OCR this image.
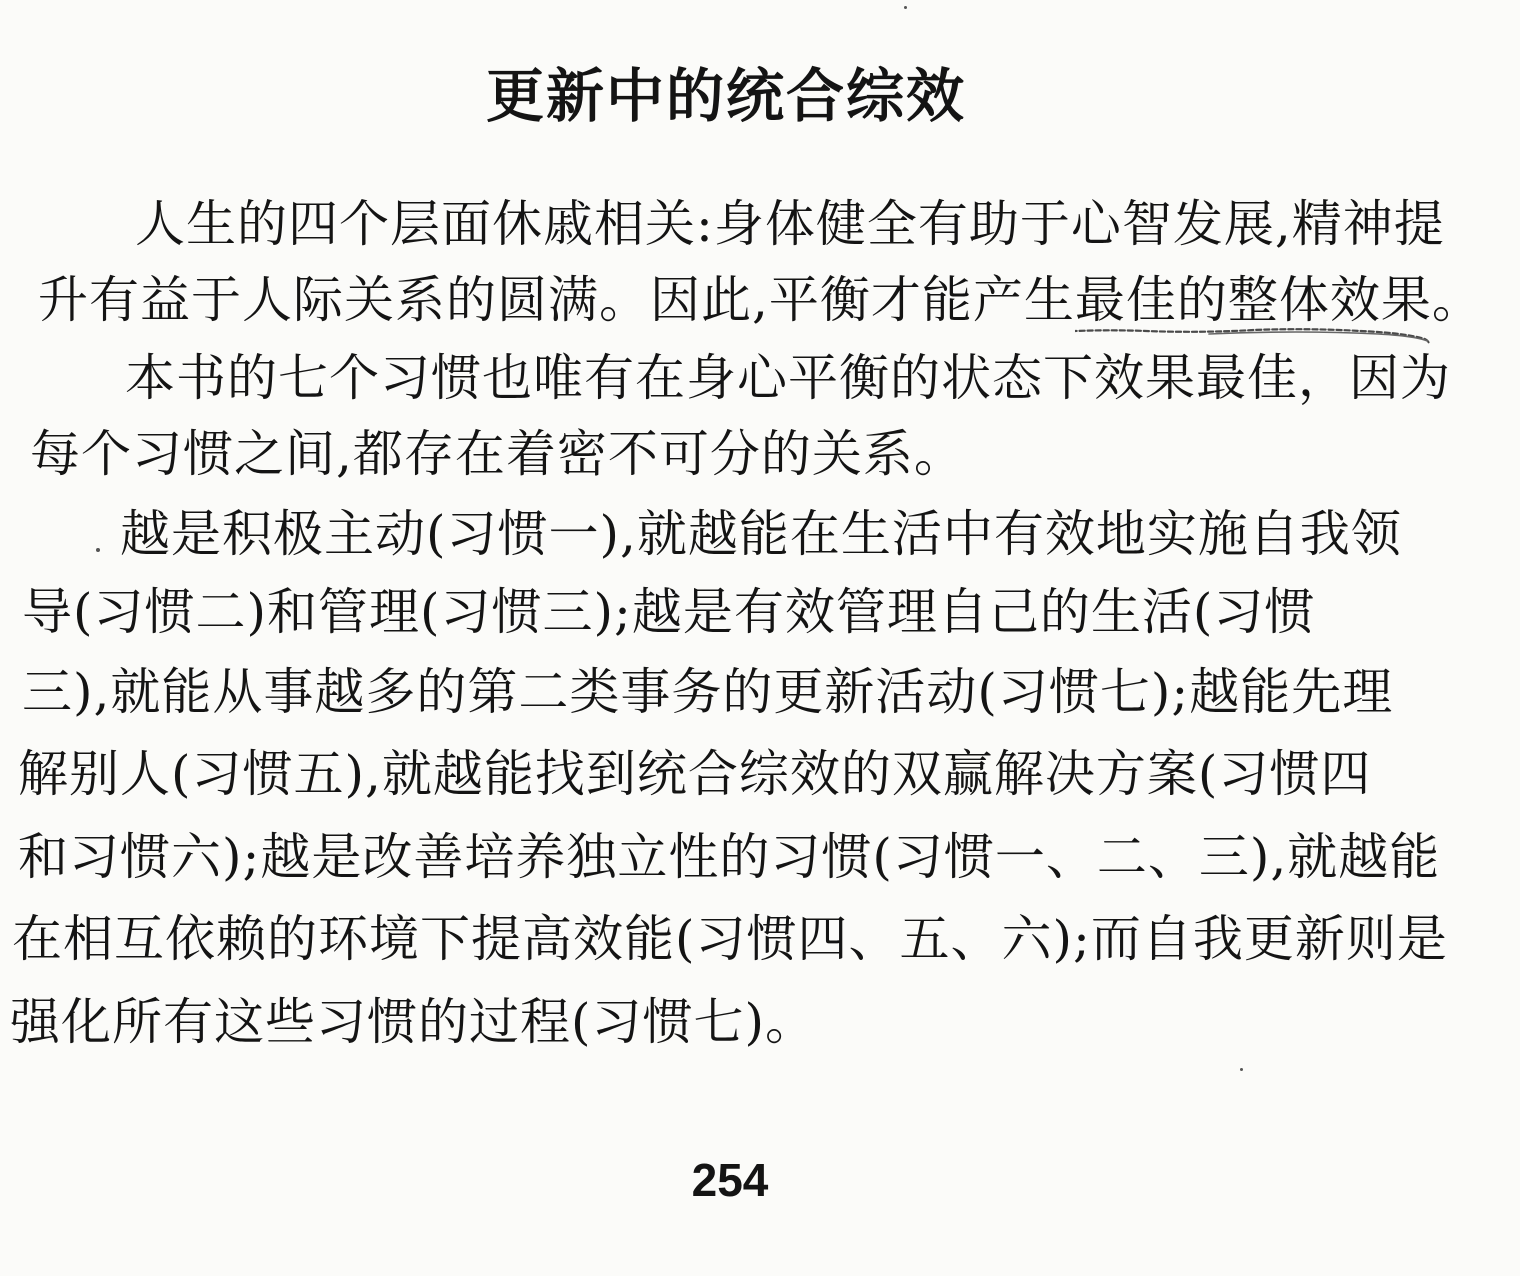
更新中的统合综效
人生的四个层面休戚相关:身体健全有助于心智发展,精神提
升有益于人际关系的圆满。因此,平衡才能产生最佳的整体效果
。
本书的七个习惯也唯有在身心平衡的状态下效果最佳，因为
每个习惯之间,都存在着密不可分的关系。
越是积极主动(习惯一),就越能在生活中有效地实施自我领
导(习惯二)和管理(习惯三);越是有效管理自己的生活(习惯
三),就能从事越多的第二类事务的更新活动(习惯七);越能先理
解别人(习惯五),就越能找到统合综效的双赢解决方案(习惯四
和习惯六);越是改善培养独立性的习惯(习惯一、二、三),就越能
在相互依赖的环境下提高效能(习惯四、五、六);而自我更新则是
强化所有这些习惯的过程(习惯七)。
254
